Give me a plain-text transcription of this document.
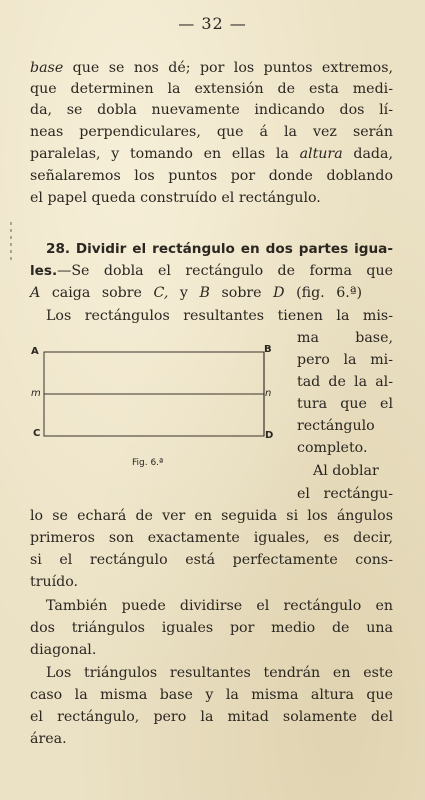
— 32 —
base que se nos dé; por los puntos extremos,
que determinen la extensión de esta medi-
da, se dobla nuevamente indicando dos lí-
neas perpendiculares, que á la vez serán
paralelas, y tomando en ellas la altura dada,
señalaremos los puntos por donde doblando
el papel queda construído el rectángulo.
28. Dividir el rectángulo en dos partes igua-
les.—Se dobla el rectángulo de forma que
A caiga sobre C, y B sobre D (fig. 6.ª)
Los rectángulos resultantes tienen la mis-
ma base,
pero la mi-
tad de la al-
tura que el
rectángulo
completo.
Al doblar
el rectángu-
lo se echará de ver en seguida si los ángulos
primeros son exactamente iguales, es decir,
si el rectángulo está perfectamente cons-
truído.
A	B
m	n
C	D
Fig. 6.ª
También puede dividirse el rectángulo en
dos triángulos iguales por medio de una
diagonal.
Los triángulos resultantes tendrán en este
caso la misma base y la misma altura que
el rectángulo, pero la mitad solamente del
área.
